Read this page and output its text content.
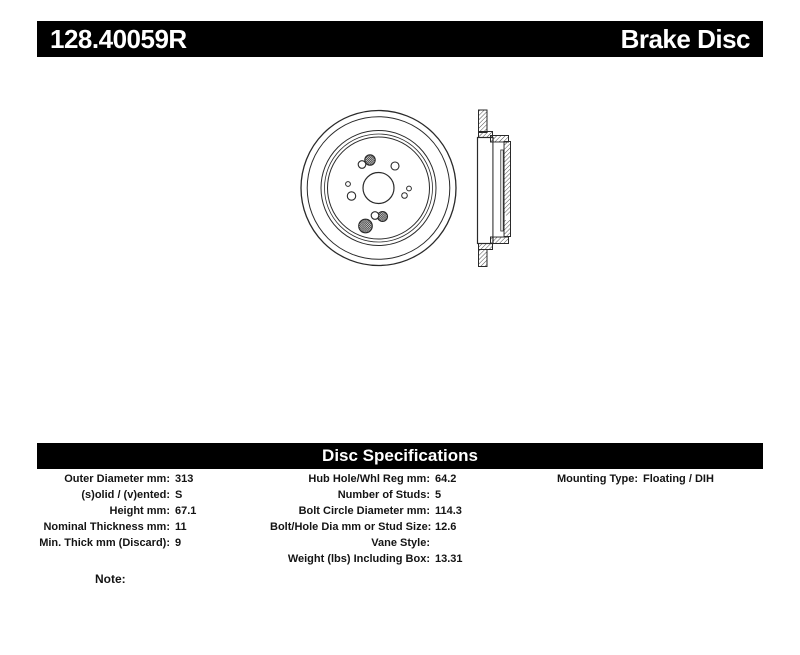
128.40059R	Brake Disc
Disc Specifications
Outer Diameter mm: 313
(s)olid / (v)ented: S
Height mm: 67.1
Nominal Thickness mm: 11
Min. Thick mm (Discard): 9
Hub Hole/Whl Reg mm: 64.2
Number of Studs: 5
Bolt Circle Diameter mm: 114.3
Bolt/Hole Dia mm or Stud Size: 12.6
Vane Style:
Weight (lbs) Including Box: 13.31
Mounting Type: Floating / DIH
Note:
